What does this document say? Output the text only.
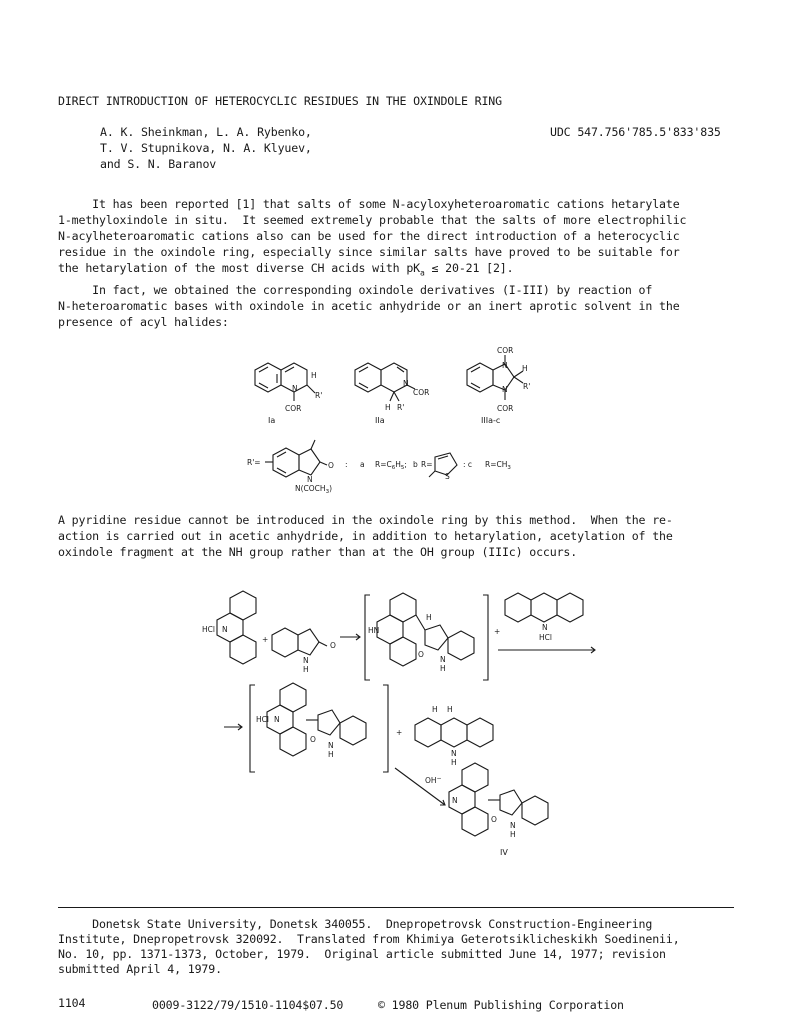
DIRECT INTRODUCTION OF HETEROCYCLIC RESIDUES IN THE OXINDOLE RING
A. K. Sheinkman, L. A. Rybenko,
T. V. Stupnikova, N. A. Klyuev,
and S. N. Baranov
UDC 547.756'785.5'833'835
It has been reported [1] that salts of some N-acyloxyheteroaromatic cations hetarylate
1-methyloxindole in situ.  It seemed extremely probable that the salts of more electrophilic
N-acylheteroaromatic cations also can be used for the direct introduction of a heterocyclic
residue in the oxindole ring, especially since similar salts have proved to be suitable for
the hetarylation of the most diverse CH acids with $pK_a \le 20-21$ [2].
In fact, we obtained the corresponding oxindole derivatives (I-III) by reaction of
N-heteroaromatic bases with oxindole in acetic anhydride or an inert aprotic solvent in the
presence of acyl halides:
N
H
R'
COR
N
COR
H R'
COR
N H
R'
N
COR
R'=	O
N
$N(COCH_3)$
: a $R=C_6H_5$; b R=
S
: c $R=CH_3$
Ia	IIa	IIIa-c
A pyridine residue cannot be introduced in the oxindole ring by this method.  When the re-
action is carried out in acetic anhydride, in addition to hetarylation, acetylation of the
oxindole fragment at the NH group rather than at the OH group (IIIc) occurs.
HCl N
+
O
N
H
HN
H
O
N
H
+	N
HCl
HCl N
O
N
H
+
H H
N
H
OH−
N
O
N
H
IV
Donetsk State University, Donetsk 340055.  Dnepropetrovsk Construction-Engineering
Institute, Dnepropetrovsk 320092.  Translated from Khimiya Geterotsiklicheskikh Soedinenii,
No. 10, pp. 1371-1373, October, 1979.  Original article submitted June 14, 1977; revision
submitted April 4, 1979.
1104	0009-3122/79/1510-1104$07.50	© 1980 Plenum Publishing Corporation
